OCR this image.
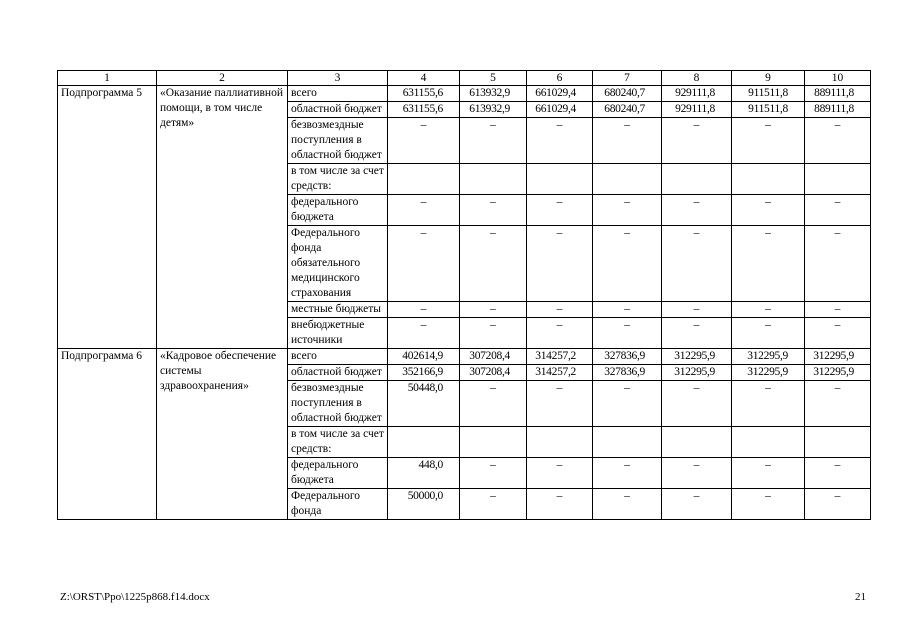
1	2	3	4	5	6	7	8	9	10
Подпрограмма 5	«Оказание паллиативной помощи, в том числе детям»	всего	631155,6	613932,9	661029,4	680240,7	929111,8	911511,8	889111,8
		областной бюджет	631155,6	613932,9	661029,4	680240,7	929111,8	911511,8	889111,8
		безвозмездные поступления в областной бюджет	–	–	–	–	–	–	–
		в том числе за счет средств:							
		федерального бюджета	–	–	–	–	–	–	–
		Федерального фонда обязательного медицинского страхования	–	–	–	–	–	–	–
		местные бюджеты	–	–	–	–	–	–	–
		внебюджетные источники	–	–	–	–	–	–	–
Подпрограмма 6	«Кадровое обеспечение системы здравоохранения»	всего	402614,9	307208,4	314257,2	327836,9	312295,9	312295,9	312295,9
		областной бюджет	352166,9	307208,4	314257,2	327836,9	312295,9	312295,9	312295,9
		безвозмездные поступления в областной бюджет	50448,0	–	–	–	–	–	–
		в том числе за счет средств:							
		федерального бюджета	448,0	–	–	–	–	–	–
		Федерального фонда	50000,0	–	–	–	–	–	–
Z:\ORST\Ppo\1225p868.f14.docx	21
